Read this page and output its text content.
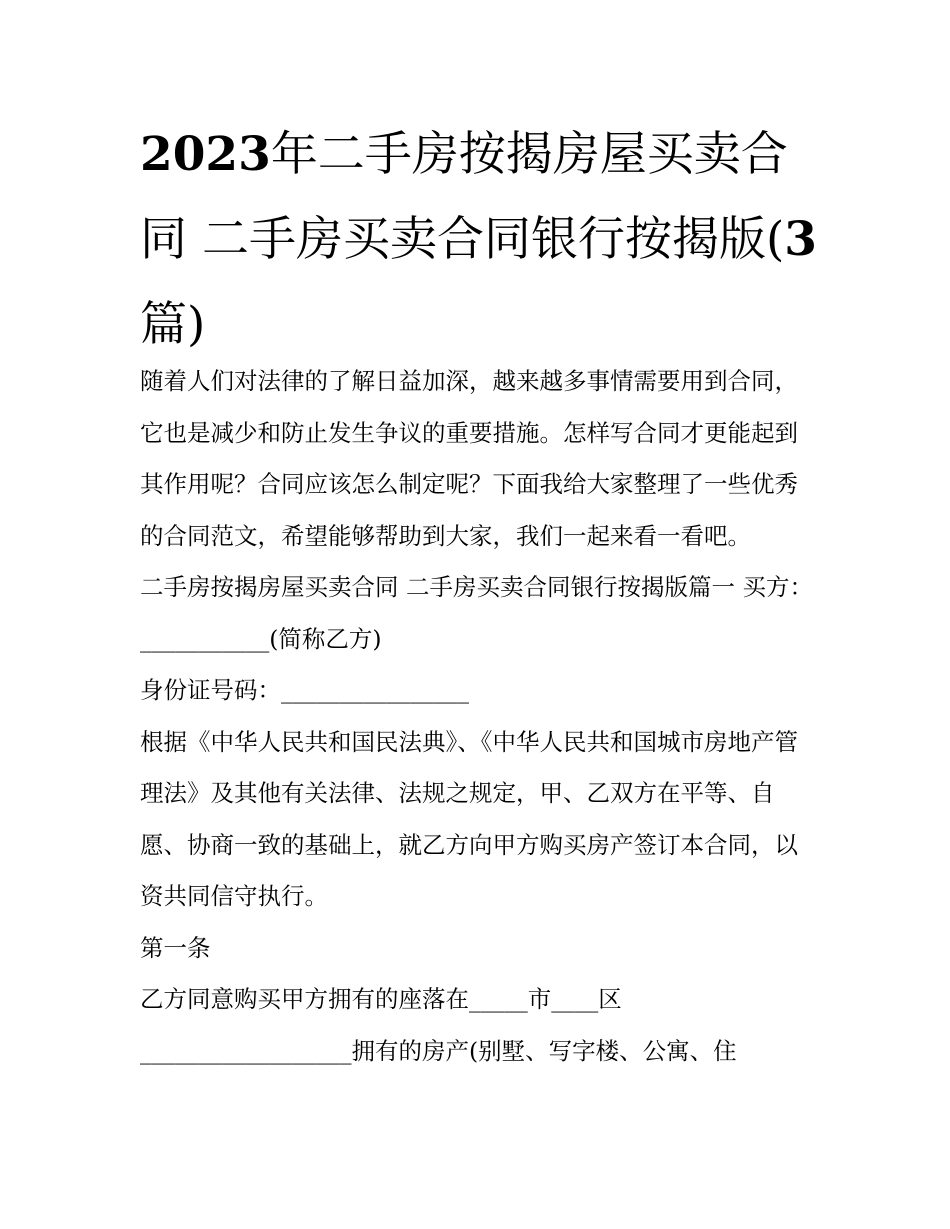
2023年二手房按揭房屋买卖合同 二手房买卖合同银行按揭版(3篇)

随着人们对法律的了解日益加深，越来越多事情需要用到合同，它也是减少和防止发生争议的重要措施。怎样写合同才更能起到其作用呢？合同应该怎么制定呢？下面我给大家整理了一些优秀的合同范文，希望能够帮助到大家，我们一起来看一看吧。

二手房按揭房屋买卖合同 二手房买卖合同银行按揭版篇一 买方：___________(简称乙方)

身份证号码：________________

根据《中华人民共和国民法典》、《中华人民共和国城市房地产管理法》及其他有关法律、法规之规定，甲、乙双方在平等、自愿、协商一致的基础上，就乙方向甲方购买房产签订本合同，以资共同信守执行。

第一条

乙方同意购买甲方拥有的座落在_____市____区__________________拥有的房产(别墅、写字楼、公寓、住
